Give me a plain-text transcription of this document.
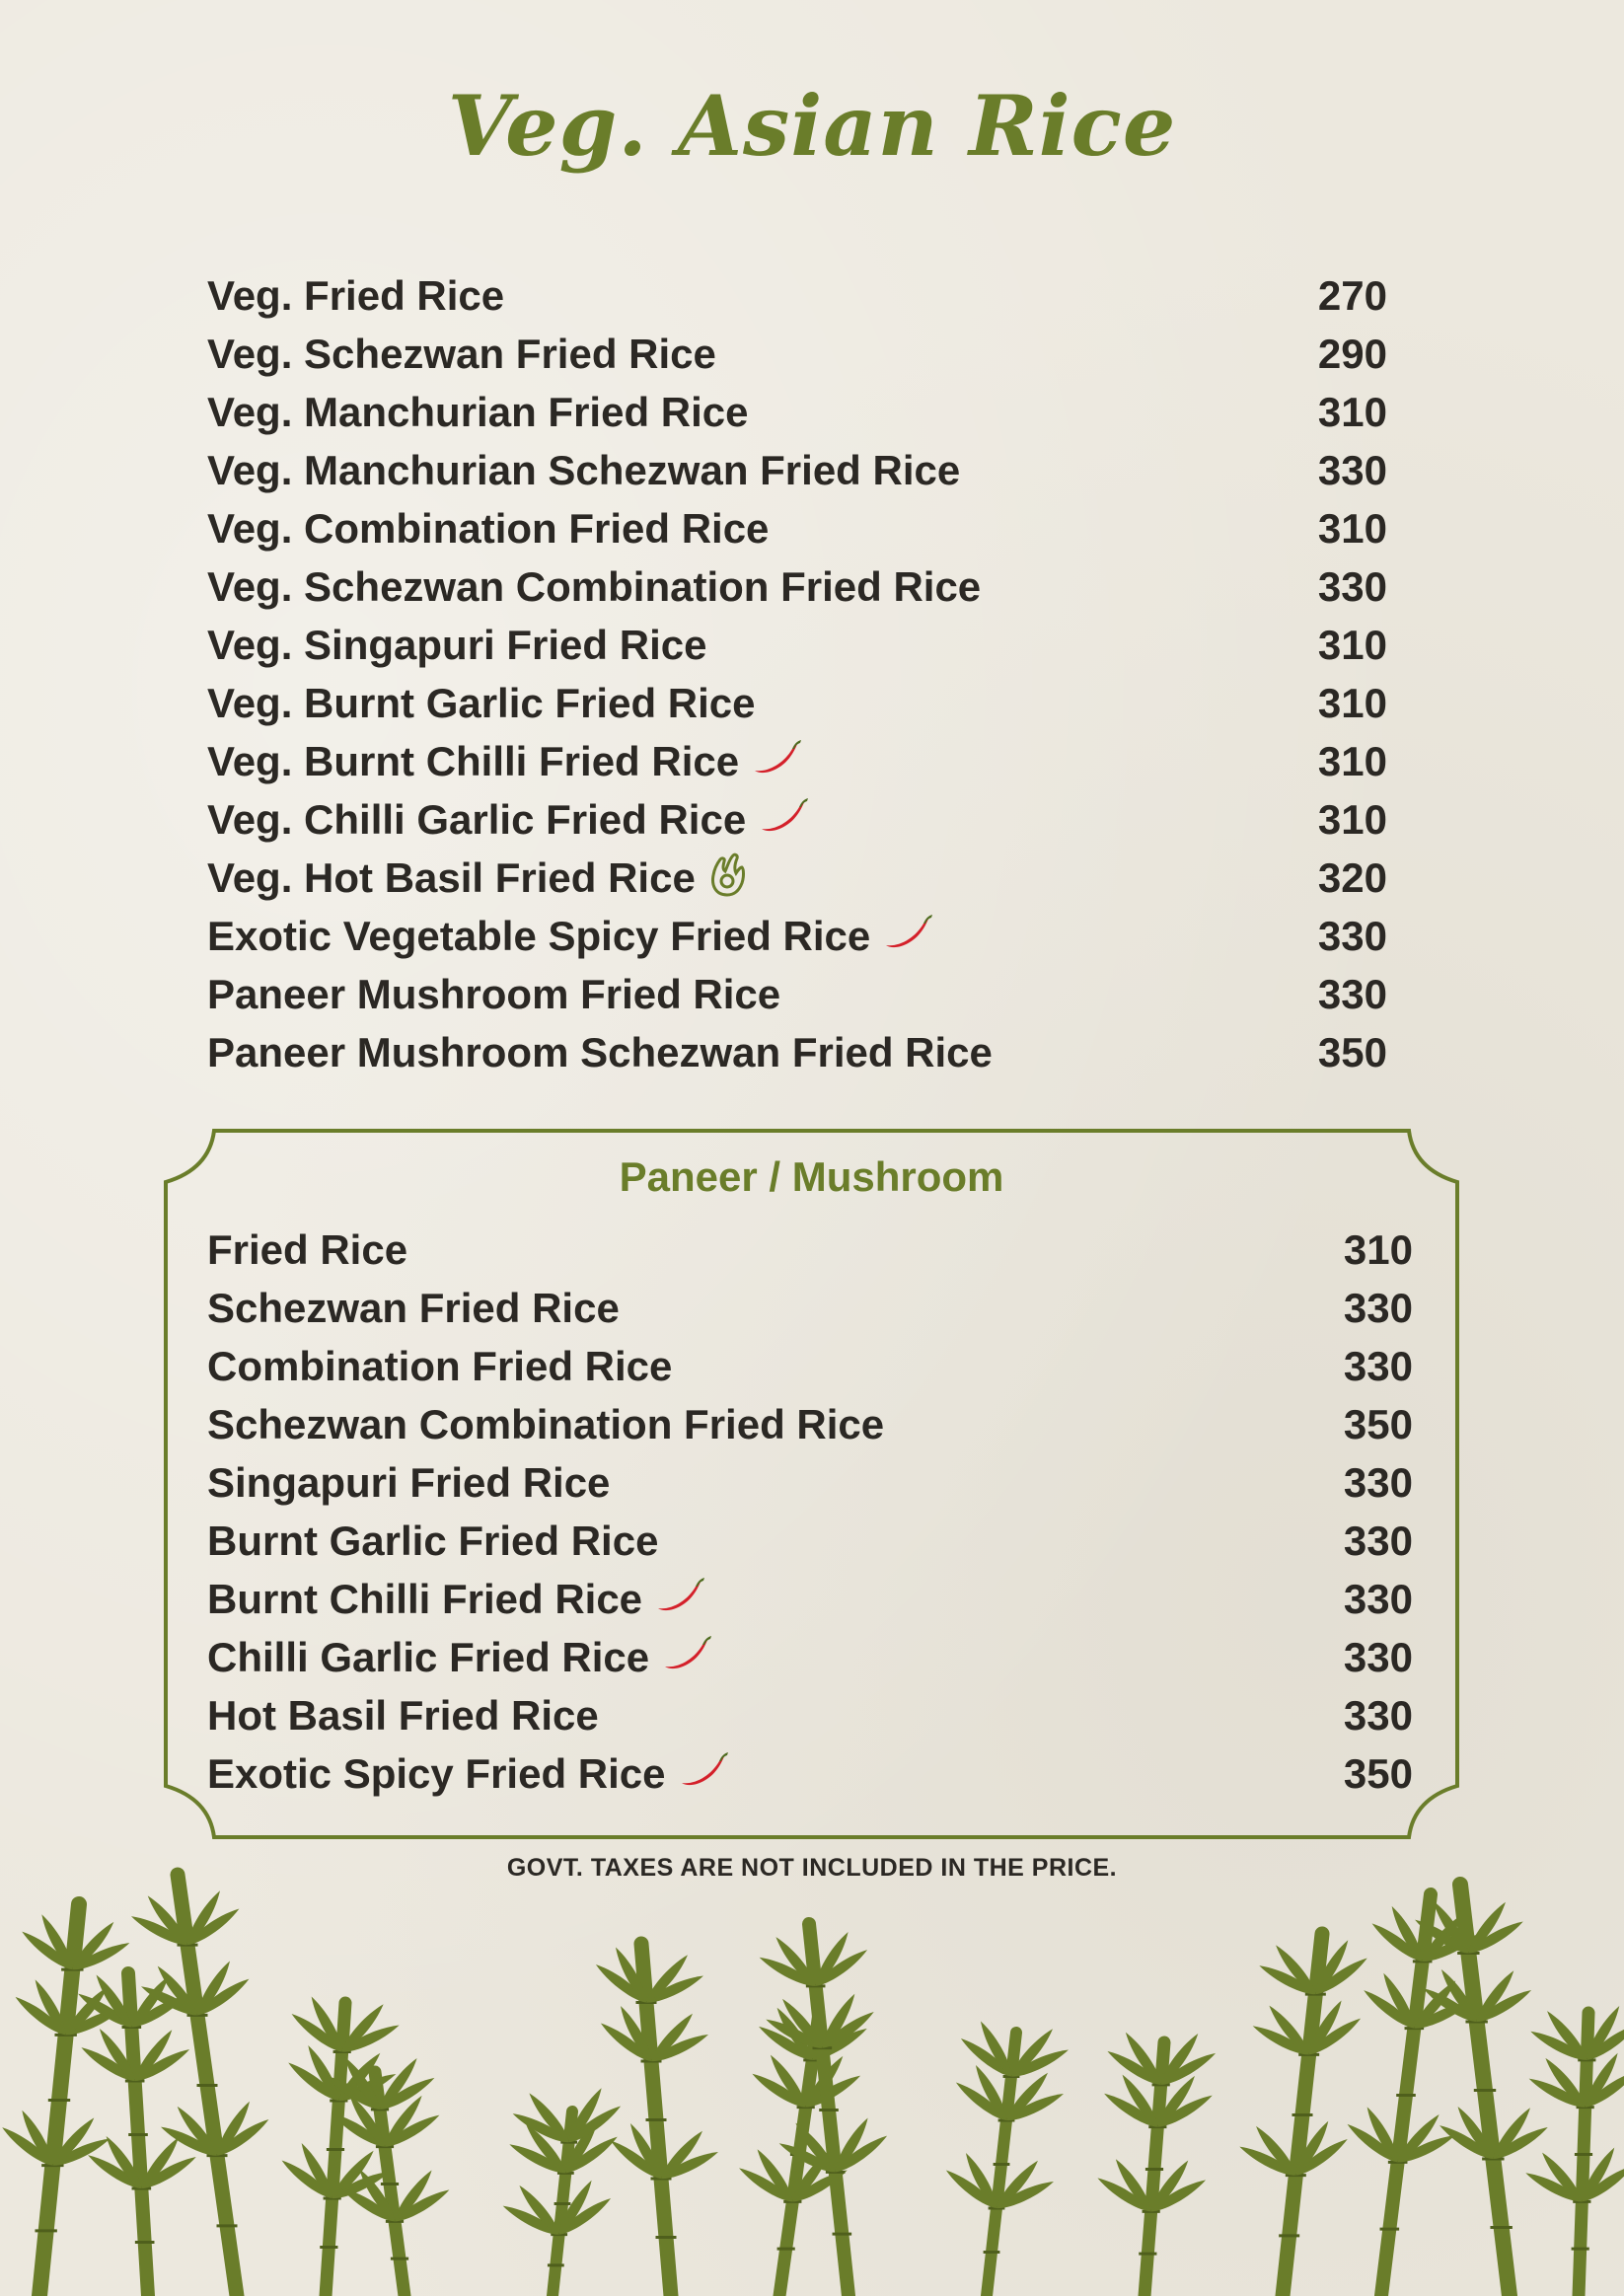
Veg. Asian Rice
Veg. Fried Rice	270
Veg. Schezwan Fried Rice	290
Veg. Manchurian Fried Rice	310
Veg. Manchurian Schezwan Fried Rice	330
Veg. Combination Fried Rice	310
Veg. Schezwan Combination Fried Rice	330
Veg. Singapuri Fried Rice	310
Veg. Burnt Garlic Fried Rice	310
Veg. Burnt Chilli Fried Rice	310
Veg. Chilli Garlic Fried Rice	310
Veg. Hot Basil Fried Rice	320
Exotic Vegetable Spicy Fried Rice	330
Paneer Mushroom Fried Rice	330
Paneer Mushroom Schezwan Fried Rice	350
Paneer / Mushroom
Fried Rice	310
Schezwan Fried Rice	330
Combination Fried Rice	330
Schezwan Combination Fried Rice	350
Singapuri Fried Rice	330
Burnt Garlic Fried Rice	330
Burnt Chilli Fried Rice	330
Chilli Garlic Fried Rice	330
Hot Basil Fried Rice	330
Exotic Spicy Fried Rice	350
GOVT. TAXES ARE NOT INCLUDED IN THE PRICE.
